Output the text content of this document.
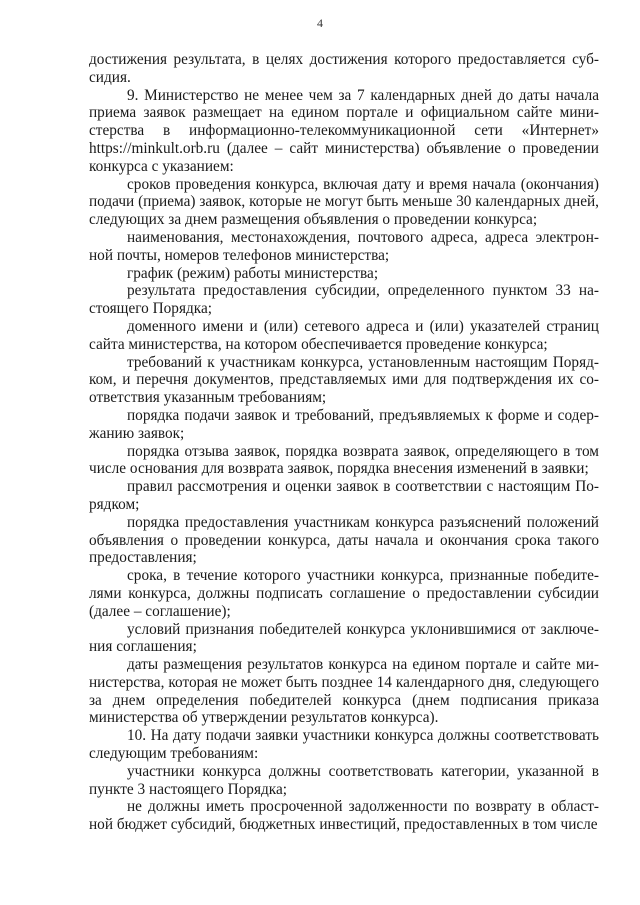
4

достижения результата, в целях достижения которого предоставляется субсидия.

9. Министерство не менее чем за 7 календарных дней до даты начала приема заявок размещает на едином портале и официальном сайте министерства в информационно-телекоммуникационной сети «Интернет» https://minkult.orb.ru (далее – сайт министерства) объявление о проведении конкурса с указанием:

сроков проведения конкурса, включая дату и время начала (окончания) подачи (приема) заявок, которые не могут быть меньше 30 календарных дней, следующих за днем размещения объявления о проведении конкурса;

наименования, местонахождения, почтового адреса, адреса электронной почты, номеров телефонов министерства;

график (режим) работы министерства;

результата предоставления субсидии, определенного пунктом 33 настоящего Порядка;

доменного имени и (или) сетевого адреса и (или) указателей страниц сайта министерства, на котором обеспечивается проведение конкурса;

требований к участникам конкурса, установленным настоящим Порядком, и перечня документов, представляемых ими для подтверждения их соответствия указанным требованиям;

порядка подачи заявок и требований, предъявляемых к форме и содержанию заявок;

порядка отзыва заявок, порядка возврата заявок, определяющего в том числе основания для возврата заявок, порядка внесения изменений в заявки;

правил рассмотрения и оценки заявок в соответствии с настоящим Порядком;

порядка предоставления участникам конкурса разъяснений положений объявления о проведении конкурса, даты начала и окончания срока такого предоставления;

срока, в течение которого участники конкурса, признанные победителями конкурса, должны подписать соглашение о предоставлении субсидии (далее – соглашение);

условий признания победителей конкурса уклонившимися от заключения соглашения;

даты размещения результатов конкурса на едином портале и сайте министерства, которая не может быть позднее 14 календарного дня, следующего за днем определения победителей конкурса (днем подписания приказа министерства об утверждении результатов конкурса).

10. На дату подачи заявки участники конкурса должны соответствовать следующим требованиям:

участники конкурса должны соответствовать категории, указанной в пункте 3 настоящего Порядка;

не должны иметь просроченной задолженности по возврату в областной бюджет субсидий, бюджетных инвестиций, предоставленных в том числе
